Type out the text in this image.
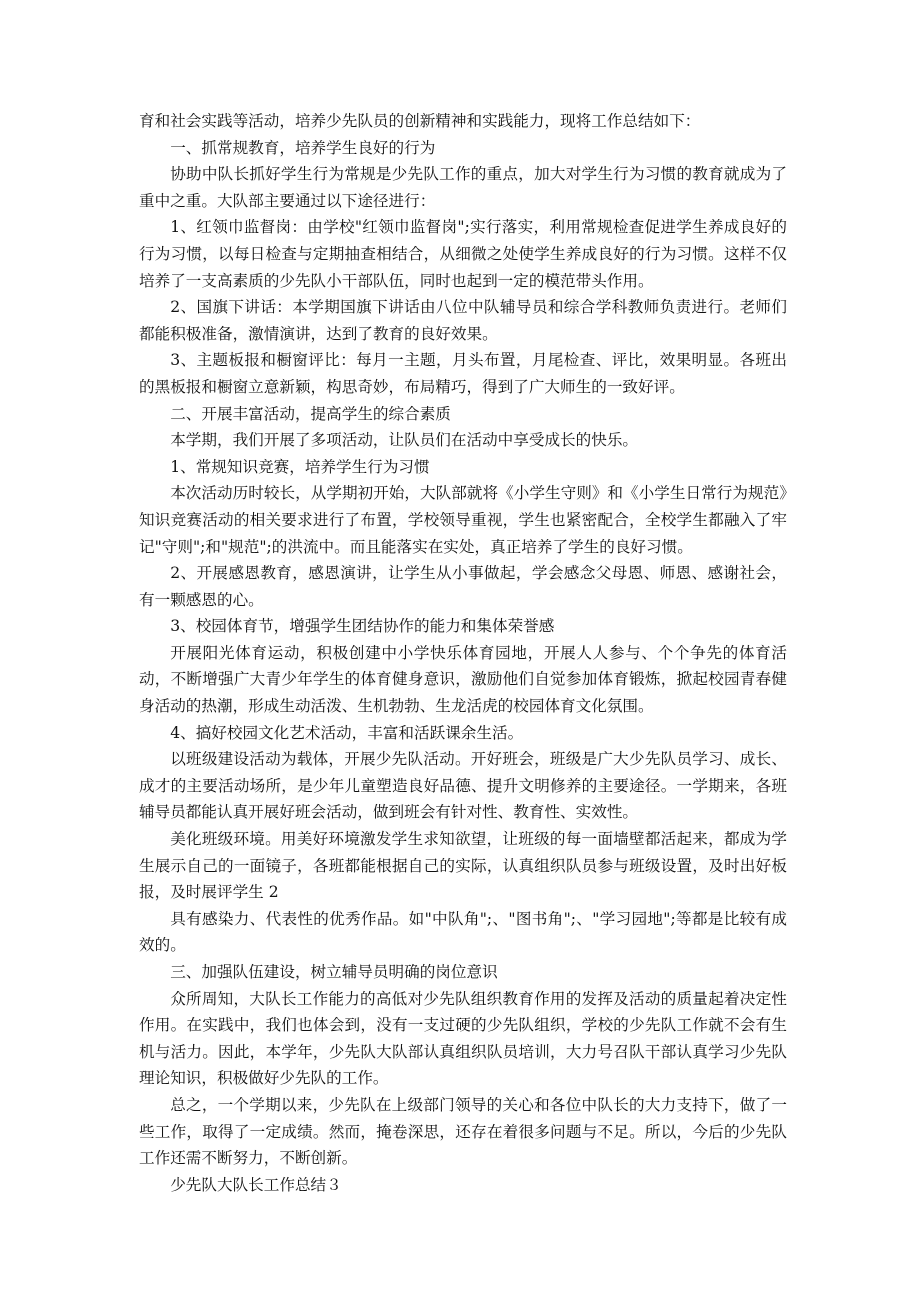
育和社会实践等活动，培养少先队员的创新精神和实践能力，现将工作总结如下：

一、抓常规教育，培养学生良好的行为

协助中队长抓好学生行为常规是少先队工作的重点，加大对学生行为习惯的教育就成为了重中之重。大队部主要通过以下途径进行：

1、红领巾监督岗：由学校"红领巾监督岗";实行落实，利用常规检查促进学生养成良好的行为习惯，以每日检查与定期抽查相结合，从细微之处使学生养成良好的行为习惯。这样不仅培养了一支高素质的少先队小干部队伍，同时也起到一定的模范带头作用。

2、国旗下讲话：本学期国旗下讲话由八位中队辅导员和综合学科教师负责进行。老师们都能积极准备，激情演讲，达到了教育的良好效果。

3、主题板报和橱窗评比：每月一主题，月头布置，月尾检查、评比，效果明显。各班出的黑板报和橱窗立意新颖，构思奇妙，布局精巧，得到了广大师生的一致好评。

二、开展丰富活动，提高学生的综合素质

本学期，我们开展了多项活动，让队员们在活动中享受成长的快乐。

1、常规知识竞赛，培养学生行为习惯

本次活动历时较长，从学期初开始，大队部就将《小学生守则》和《小学生日常行为规范》知识竞赛活动的相关要求进行了布置，学校领导重视，学生也紧密配合，全校学生都融入了牢记"守则";和"规范";的洪流中。而且能落实在实处，真正培养了学生的良好习惯。

2、开展感恩教育，感恩演讲，让学生从小事做起，学会感念父母恩、师恩、感谢社会，有一颗感恩的心。

3、校园体育节，增强学生团结协作的能力和集体荣誉感

开展阳光体育运动，积极创建中小学快乐体育园地，开展人人参与、个个争先的体育活动，不断增强广大青少年学生的体育健身意识，激励他们自觉参加体育锻炼，掀起校园青春健身活动的热潮，形成生动活泼、生机勃勃、生龙活虎的校园体育文化氛围。

4、搞好校园文化艺术活动，丰富和活跃课余生活。

以班级建设活动为载体，开展少先队活动。开好班会，班级是广大少先队员学习、成长、成才的主要活动场所，是少年儿童塑造良好品德、提升文明修养的主要途径。一学期来，各班辅导员都能认真开展好班会活动，做到班会有针对性、教育性、实效性。

美化班级环境。用美好环境激发学生求知欲望，让班级的每一面墙壁都活起来，都成为学生展示自己的一面镜子，各班都能根据自己的实际，认真组织队员参与班级设置，及时出好板报，及时展评学生 2

具有感染力、代表性的优秀作品。如"中队角";、"图书角";、"学习园地";等都是比较有成效的。

三、加强队伍建设，树立辅导员明确的岗位意识

众所周知，大队长工作能力的高低对少先队组织教育作用的发挥及活动的质量起着决定性作用。在实践中，我们也体会到，没有一支过硬的少先队组织，学校的少先队工作就不会有生机与活力。因此，本学年，少先队大队部认真组织队员培训，大力号召队干部认真学习少先队理论知识，积极做好少先队的工作。

总之，一个学期以来，少先队在上级部门领导的关心和各位中队长的大力支持下，做了一些工作，取得了一定成绩。然而，掩卷深思，还存在着很多问题与不足。所以，今后的少先队工作还需不断努力，不断创新。

少先队大队长工作总结３
